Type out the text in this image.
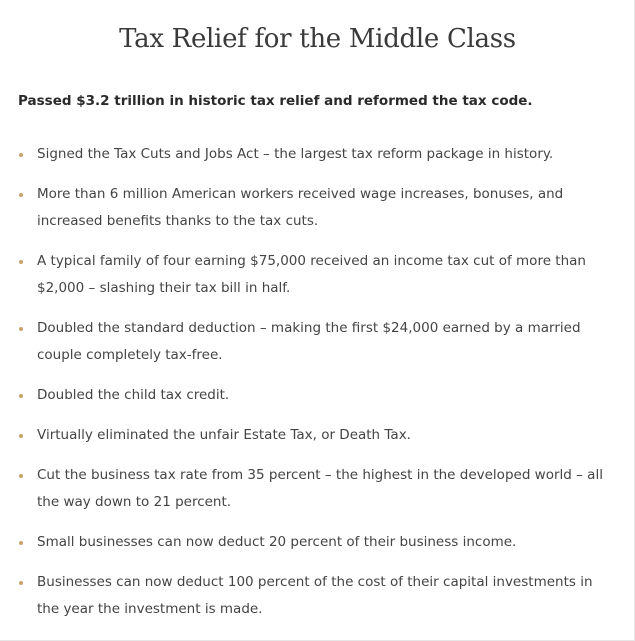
Tax Relief for the Middle Class

Passed $3.2 trillion in historic tax relief and reformed the tax code.

Signed the Tax Cuts and Jobs Act – the largest tax reform package in history.
More than 6 million American workers received wage increases, bonuses, and increased benefits thanks to the tax cuts.
A typical family of four earning $75,000 received an income tax cut of more than $2,000 – slashing their tax bill in half.
Doubled the standard deduction – making the first $24,000 earned by a married couple completely tax-free.
Doubled the child tax credit.
Virtually eliminated the unfair Estate Tax, or Death Tax.
Cut the business tax rate from 35 percent – the highest in the developed world – all the way down to 21 percent.
Small businesses can now deduct 20 percent of their business income.
Businesses can now deduct 100 percent of the cost of their capital investments in the year the investment is made.
